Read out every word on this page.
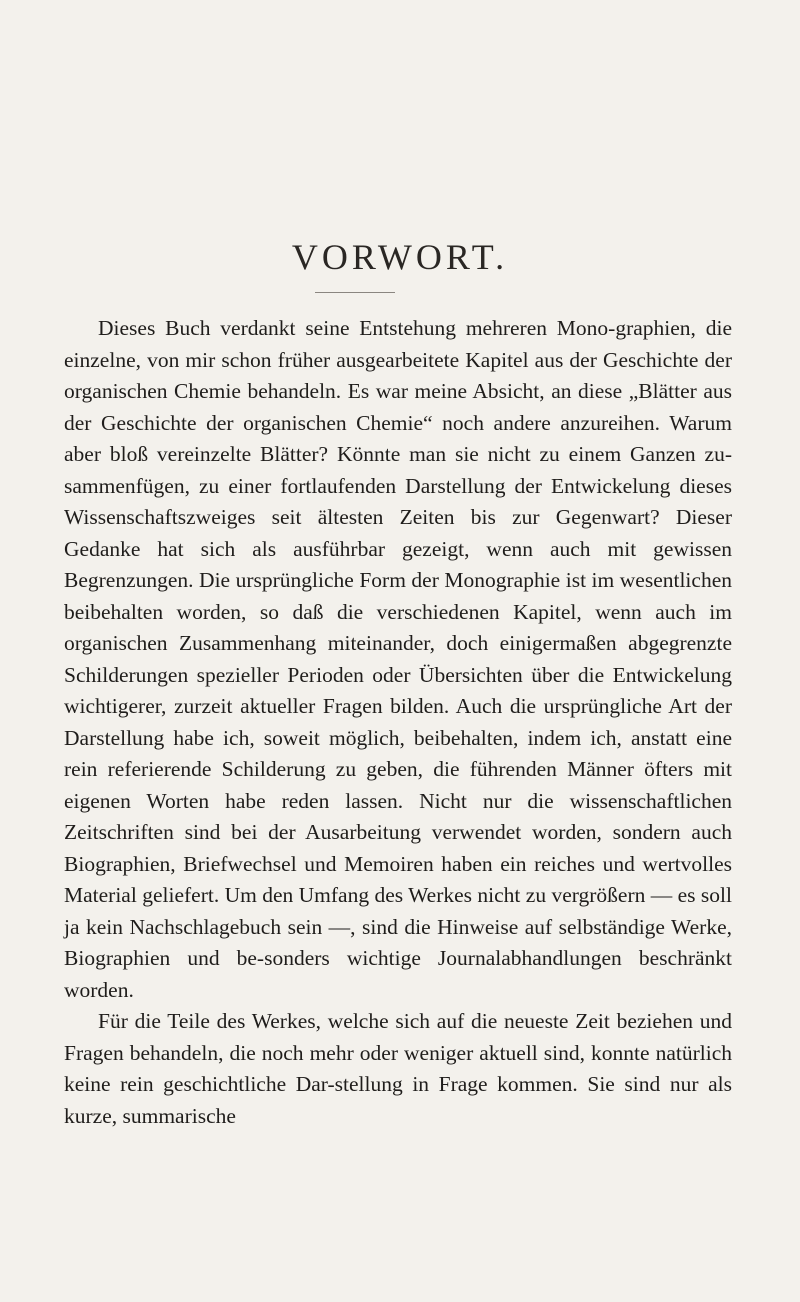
VORWORT.

Dieses Buch verdankt seine Entstehung mehreren Mono-graphien, die einzelne, von mir schon früher ausgearbeitete Kapitel aus der Geschichte der organischen Chemie behandeln. Es war meine Absicht, an diese „Blätter aus der Geschichte der organischen Chemie“ noch andere anzureihen. Warum aber bloß vereinzelte Blätter? Könnte man sie nicht zu einem Ganzen zu-sammenfügen, zu einer fortlaufenden Darstellung der Entwickelung dieses Wissenschaftszweiges seit ältesten Zeiten bis zur Gegenwart? Dieser Gedanke hat sich als ausführbar gezeigt, wenn auch mit gewissen Begrenzungen. Die ursprüngliche Form der Monographie ist im wesentlichen beibehalten worden, so daß die verschiedenen Kapitel, wenn auch im organischen Zusammenhang miteinander, doch einigermaßen abgegrenzte Schilderungen spezieller Perioden oder Übersichten über die Entwickelung wichtigerer, zurzeit aktueller Fragen bilden. Auch die ursprüngliche Art der Darstellung habe ich, soweit möglich, beibehalten, indem ich, anstatt eine rein referierende Schilderung zu geben, die führenden Männer öfters mit eigenen Worten habe reden lassen. Nicht nur die wissenschaftlichen Zeitschriften sind bei der Ausarbeitung verwendet worden, sondern auch Biographien, Briefwechsel und Memoiren haben ein reiches und wertvolles Material geliefert. Um den Umfang des Werkes nicht zu vergrößern — es soll ja kein Nachschlagebuch sein —, sind die Hinweise auf selbständige Werke, Biographien und be-sonders wichtige Journalabhandlungen beschränkt worden.

Für die Teile des Werkes, welche sich auf die neueste Zeit beziehen und Fragen behandeln, die noch mehr oder weniger aktuell sind, konnte natürlich keine rein geschichtliche Dar-stellung in Frage kommen. Sie sind nur als kurze, summarische
